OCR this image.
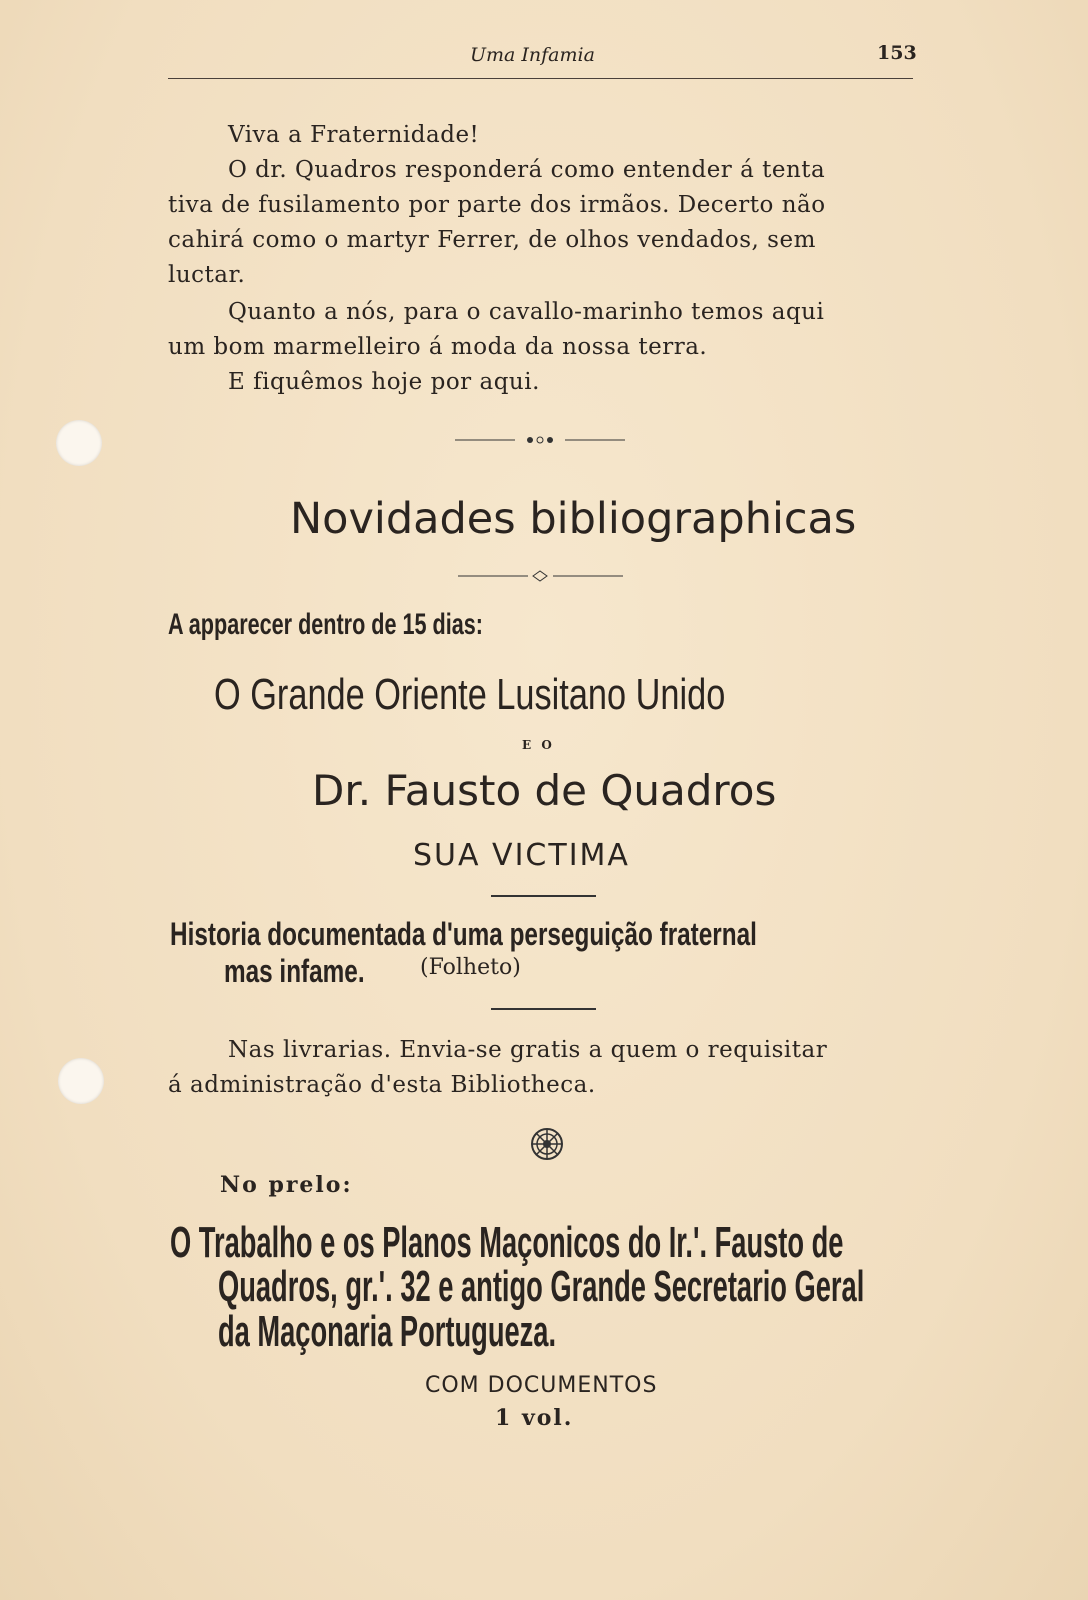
Uma Infamia	153
Viva a Fraternidade!
O dr. Quadros responderá como entender á tenta
tiva de fusilamento por parte dos irmãos. Decerto não
cahirá como o martyr Ferrer, de olhos vendados, sem
luctar.
Quanto a nós, para o cavallo-marinho temos aqui
um bom marmelleiro á moda da nossa terra.
E fiquêmos hoje por aqui.
Novidades bibliographicas
A apparecer dentro de 15 dias:
O Grande Oriente Lusitano Unido
E O
Dr. Fausto de Quadros
SUA VICTIMA
Historia documentada d'uma perseguição fraternal
mas infame.	(Folheto)
Nas livrarias. Envia-se gratis a quem o requisitar
á administração d'esta Bibliotheca.
No prelo:
O Trabalho e os Planos Maçonicos do Ir.'. Fausto de
Quadros, gr.'. 32 e antigo Grande Secretario Geral
da Maçonaria Portugueza.
COM DOCUMENTOS
1 vol.
